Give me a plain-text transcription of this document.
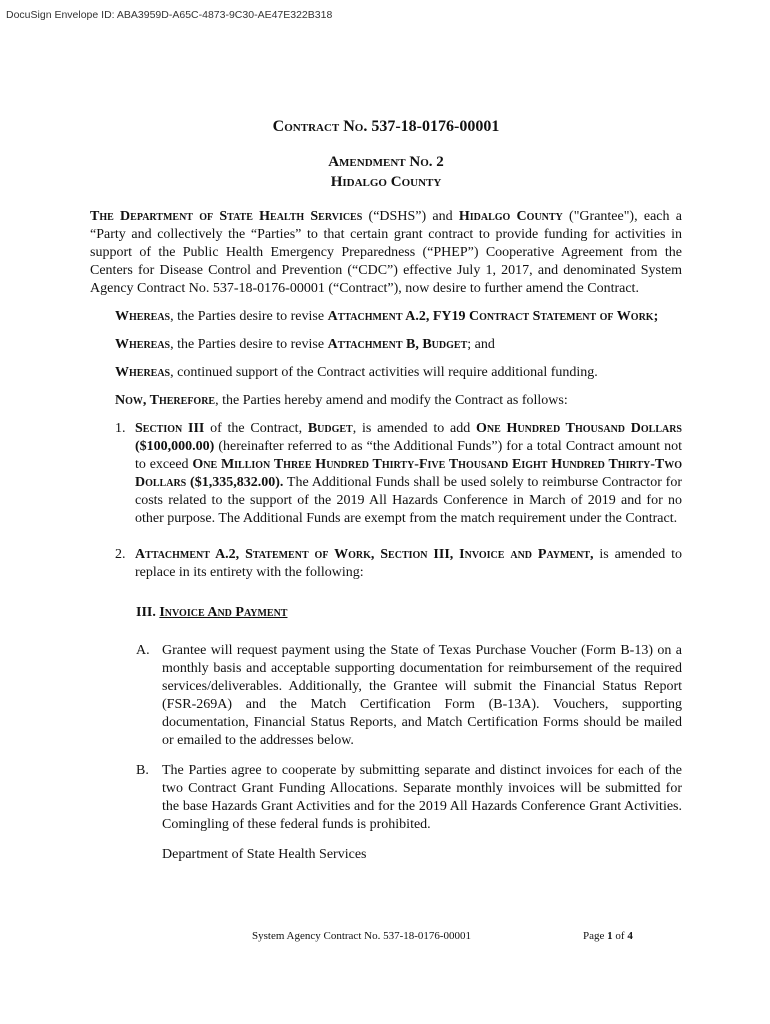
DocuSign Envelope ID: ABA3959D-A65C-4873-9C30-AE47E322B318
Contract No. 537-18-0176-00001
Amendment No. 2
Hidalgo County

The Department of State Health Services (“DSHS”) and Hidalgo County ("Grantee"), each a “Party and collectively the “Parties” to that certain grant contract to provide funding for activities in support of the Public Health Emergency Preparedness (“PHEP”) Cooperative Agreement from the Centers for Disease Control and Prevention (“CDC”) effective July 1, 2017, and denominated System Agency Contract No. 537-18-0176-00001 (“Contract”), now desire to further amend the Contract.

Whereas, the Parties desire to revise Attachment A.2, FY19 Contract Statement of Work;

Whereas, the Parties desire to revise Attachment B, Budget; and

Whereas, continued support of the Contract activities will require additional funding.

Now, Therefore, the Parties hereby amend and modify the Contract as follows:

1. Section III of the Contract, Budget, is amended to add One Hundred Thousand Dollars ($100,000.00) (hereinafter referred to as “the Additional Funds”) for a total Contract amount not to exceed One Million Three Hundred Thirty-Five Thousand Eight Hundred Thirty-Two Dollars ($1,335,832.00). The Additional Funds shall be used solely to reimburse Contractor for costs related to the support of the 2019 All Hazards Conference in March of 2019 and for no other purpose. The Additional Funds are exempt from the match requirement under the Contract.
2. Attachment A.2, Statement of Work, Section III, Invoice and Payment, is amended to replace in its entirety with the following:
III. Invoice And Payment
A. Grantee will request payment using the State of Texas Purchase Voucher (Form B-13) on a monthly basis and acceptable supporting documentation for reimbursement of the required services/deliverables. Additionally, the Grantee will submit the Financial Status Report (FSR-269A) and the Match Certification Form (B-13A). Vouchers, supporting documentation, Financial Status Reports, and Match Certification Forms should be mailed or emailed to the addresses below.
B. The Parties agree to cooperate by submitting separate and distinct invoices for each of the two Contract Grant Funding Allocations. Separate monthly invoices will be submitted for the base Hazards Grant Activities and for the 2019 All Hazards Conference Grant Activities. Comingling of these federal funds is prohibited.

Department of State Health Services

System Agency Contract No. 537-18-0176-00001	Page 1 of 4
